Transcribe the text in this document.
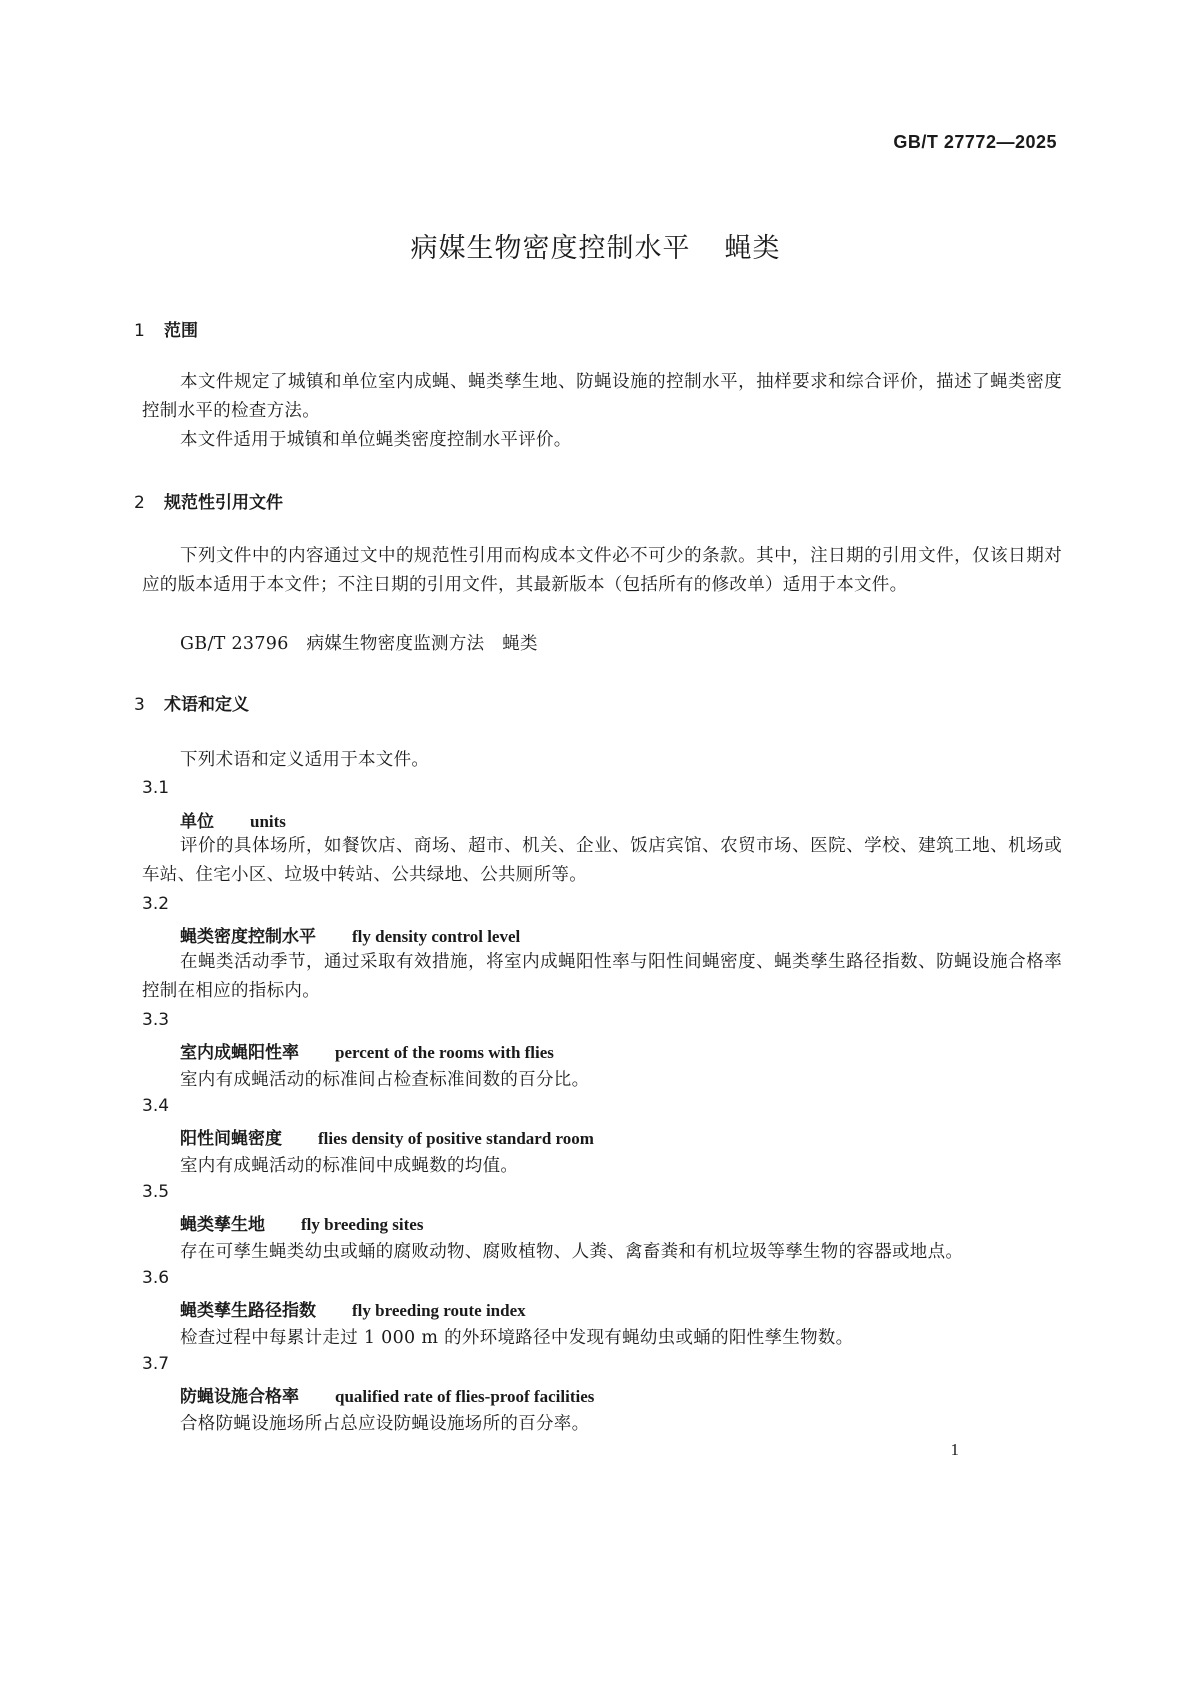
GB/T 27772—2025
病媒生物密度控制水平 蝇类
1 范围
本文件规定了城镇和单位室内成蝇、蝇类孳生地、防蝇设施的控制水平，抽样要求和综合评价，描述了蝇类密度控制水平的检查方法。
本文件适用于城镇和单位蝇类密度控制水平评价。
2 规范性引用文件
下列文件中的内容通过文中的规范性引用而构成本文件必不可少的条款。其中，注日期的引用文件，仅该日期对应的版本适用于本文件；不注日期的引用文件，其最新版本（包括所有的修改单）适用于本文件。
GB/T 23796　病媒生物密度监测方法　蝇类
3 术语和定义
下列术语和定义适用于本文件。
3.1
单位 units
评价的具体场所，如餐饮店、商场、超市、机关、企业、饭店宾馆、农贸市场、医院、学校、建筑工地、机场或车站、住宅小区、垃圾中转站、公共绿地、公共厕所等。
3.2
蝇类密度控制水平 fly density control level
在蝇类活动季节，通过采取有效措施，将室内成蝇阳性率与阳性间蝇密度、蝇类孳生路径指数、防蝇设施合格率控制在相应的指标内。
3.3
室内成蝇阳性率 percent of the rooms with flies
室内有成蝇活动的标准间占检查标准间数的百分比。
3.4
阳性间蝇密度 flies density of positive standard room
室内有成蝇活动的标准间中成蝇数的均值。
3.5
蝇类孳生地 fly breeding sites
存在可孳生蝇类幼虫或蛹的腐败动物、腐败植物、人粪、禽畜粪和有机垃圾等孳生物的容器或地点。
3.6
蝇类孳生路径指数 fly breeding route index
检查过程中每累计走过 1 000 m 的外环境路径中发现有蝇幼虫或蛹的阳性孳生物数。
3.7
防蝇设施合格率 qualified rate of flies-proof facilities
合格防蝇设施场所占总应设防蝇设施场所的百分率。
1
